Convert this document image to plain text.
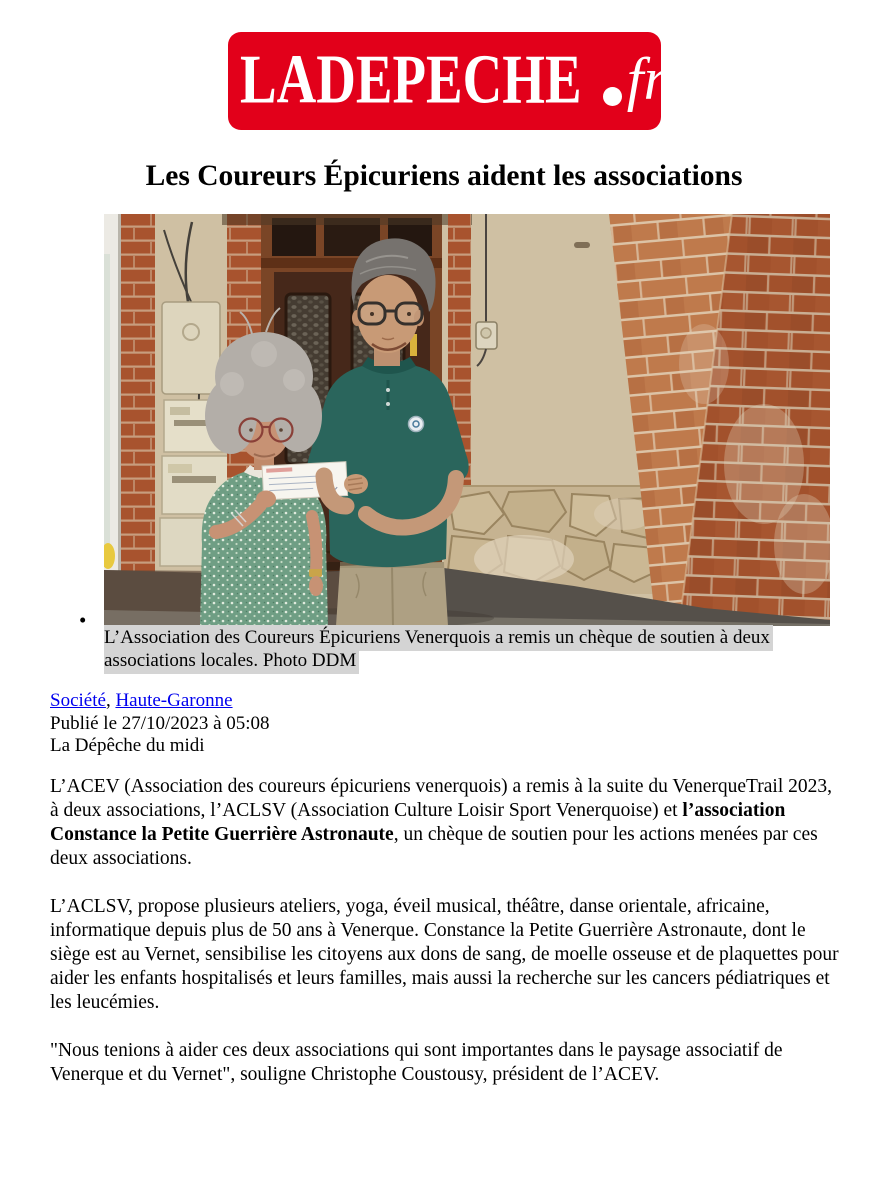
LADEPECHE fr
Les Coureurs Épicuriens aident les associations
•
L’Association des Coureurs Épicuriens Venerquois a remis un chèque de soutien à deux associations locales. Photo DDM
Société, Haute-Garonne
Publié le 27/10/2023 à 05:08
La Dépêche du midi

L’ACEV (Association des coureurs épicuriens venerquois) a remis à la suite du VenerqueTrail 2023, à deux associations, l’ACLSV (Association Culture Loisir Sport Venerquoise) et l’association Constance la Petite Guerrière Astronaute, un chèque de soutien pour les actions menées par ces deux associations.

L’ACLSV, propose plusieurs ateliers, yoga, éveil musical, théâtre, danse orientale, africaine, informatique depuis plus de 50 ans à Venerque. Constance la Petite Guerrière Astronaute, dont le siège est au Vernet, sensibilise les citoyens aux dons de sang, de moelle osseuse et de plaquettes pour aider les enfants hospitalisés et leurs familles, mais aussi la recherche sur les cancers pédiatriques et les leucémies.

"Nous tenions à aider ces deux associations qui sont importantes dans le paysage associatif de Venerque et du Vernet", souligne Christophe Coustousy, président de l’ACEV.
